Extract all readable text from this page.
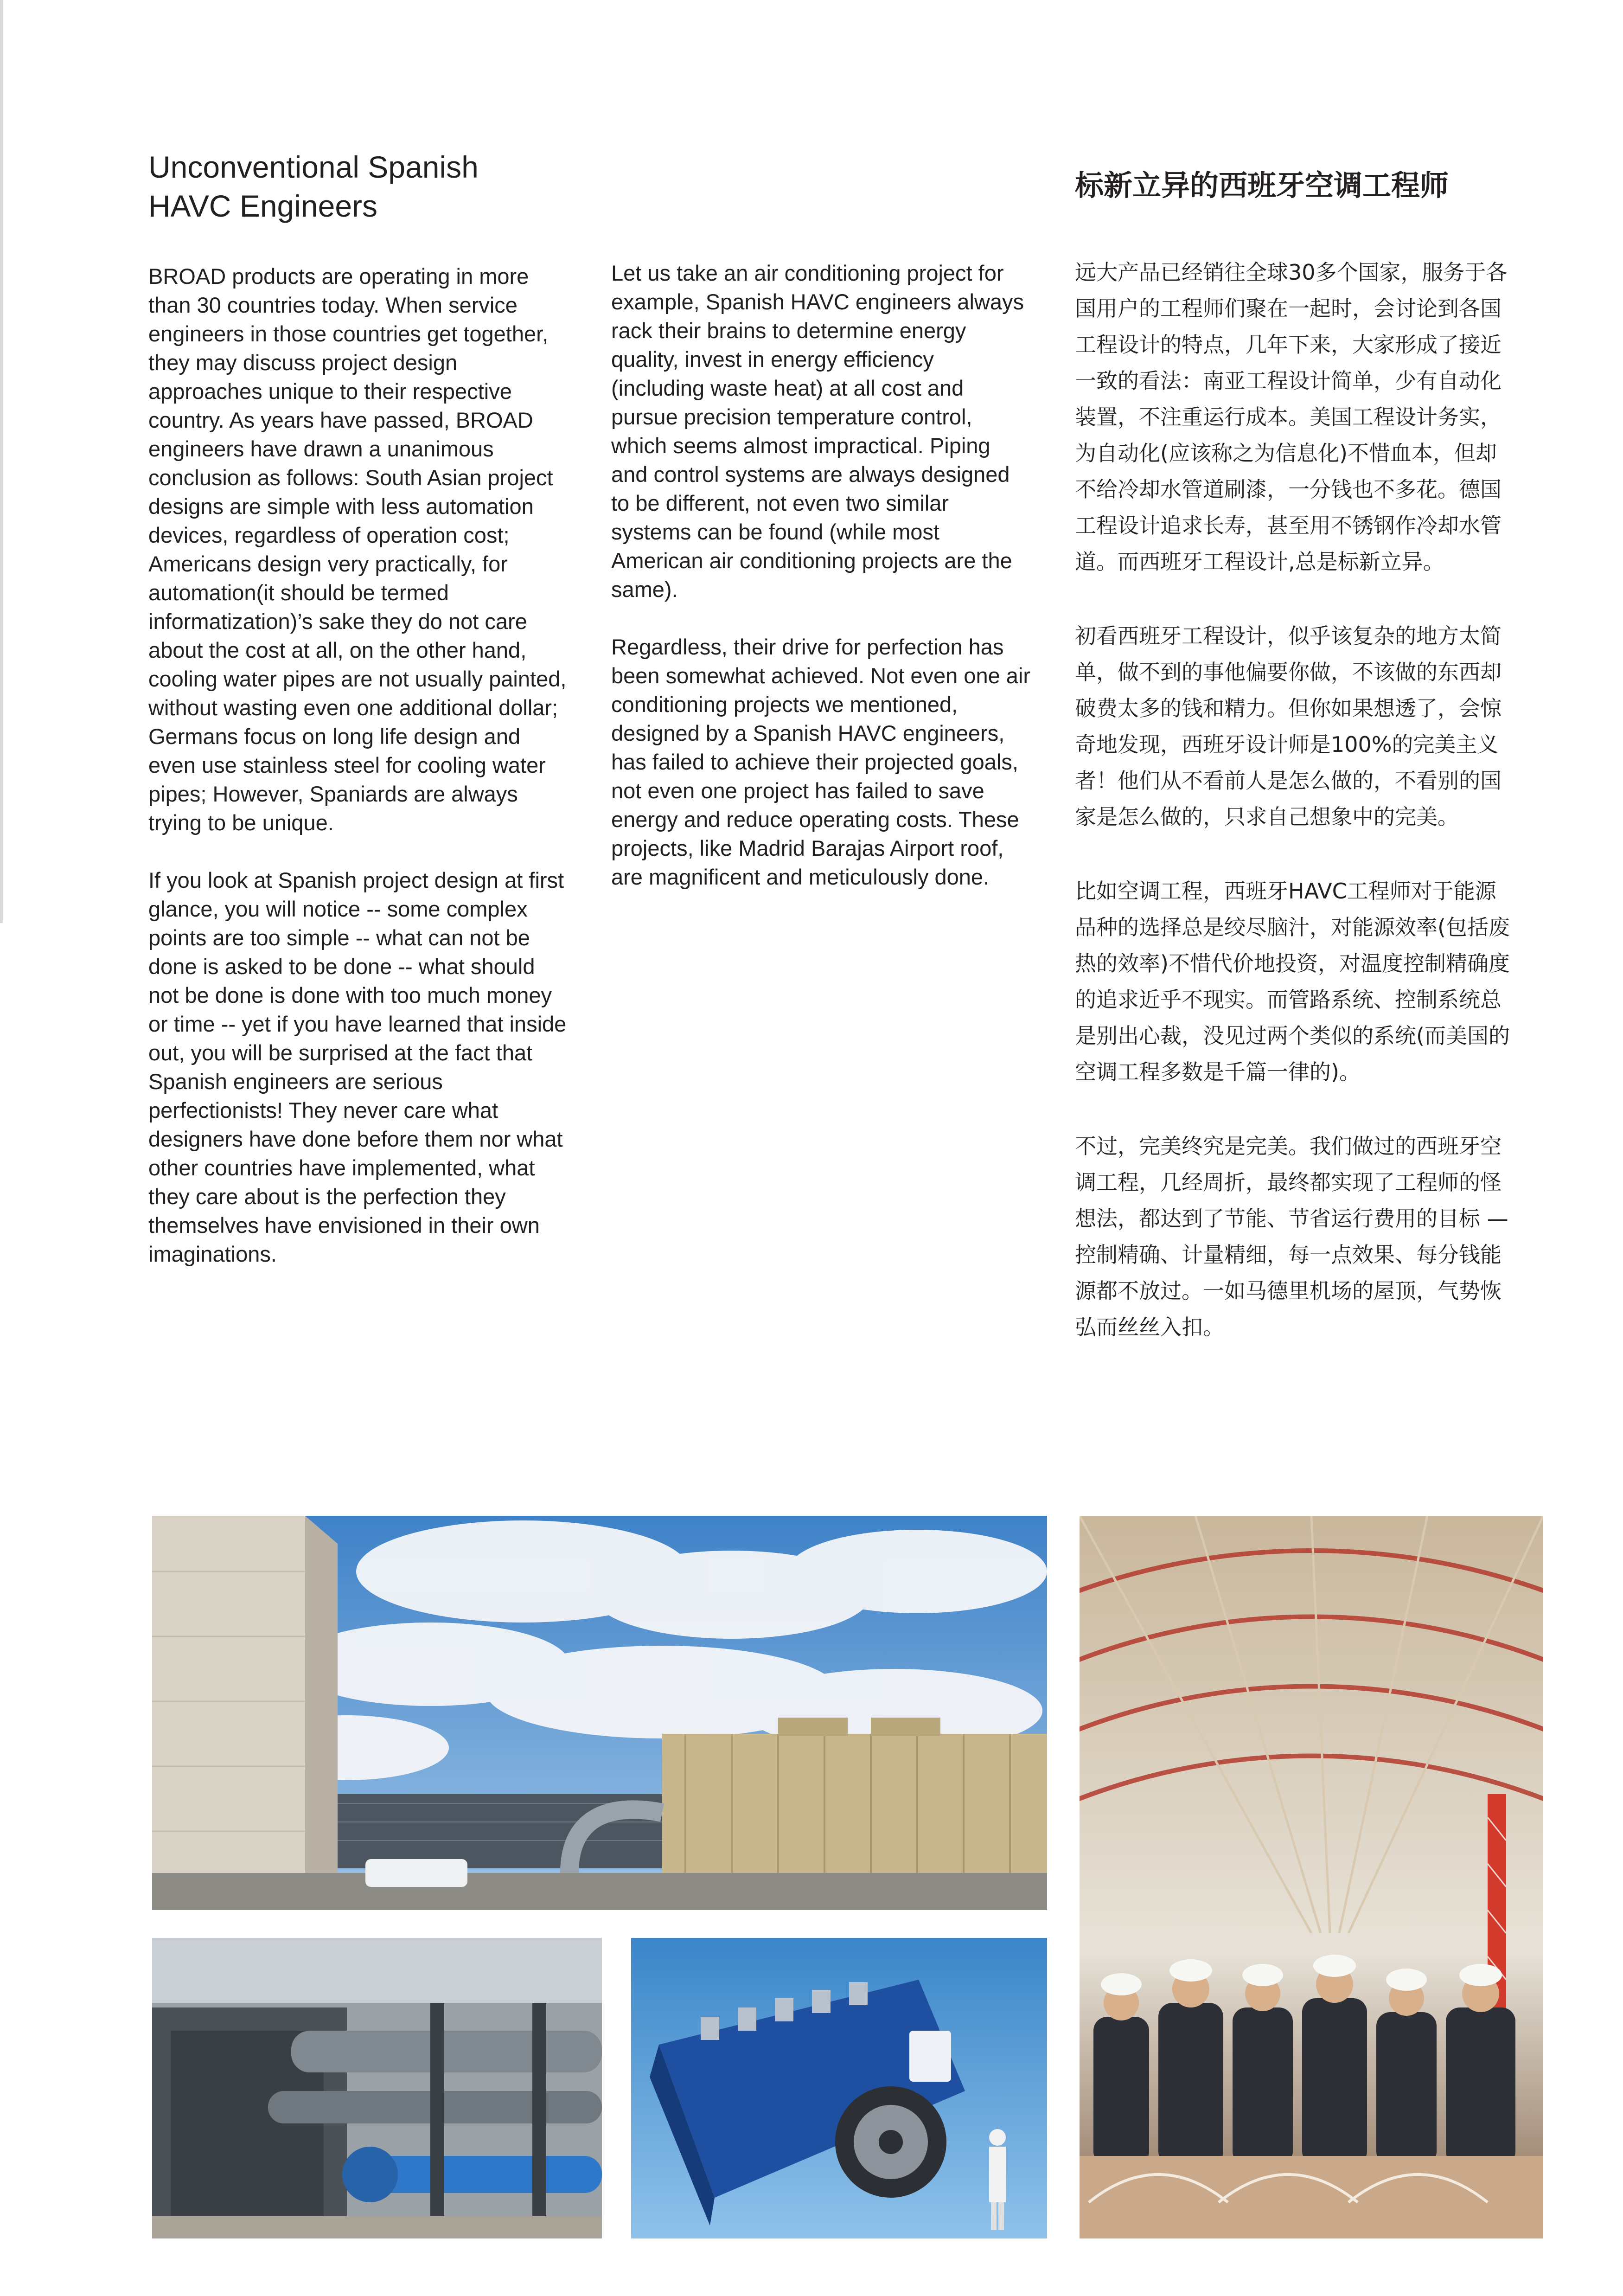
Unconventional Spanish HAVC Engineers
标新立异的西班牙空调工程师

BROAD products are operating in more than 30 countries today. When service engineers in those countries get together, they may discuss project design approaches unique to their respective country. As years have passed, BROAD engineers have drawn a unanimous conclusion as follows: South Asian project designs are simple with less automation devices, regardless of operation cost; Americans design very practically, for automation(it should be termed informatization)’s sake they do not care about the cost at all, on the other hand, cooling water pipes are not usually painted, without wasting even one additional dollar; Germans focus on long life design and even use stainless steel for cooling water pipes; However, Spaniards are always trying to be unique.

If you look at Spanish project design at first glance, you will notice -- some complex points are too simple -- what can not be done is asked to be done -- what should not be done is done with too much money or time -- yet if you have learned that inside out, you will be surprised at the fact that Spanish engineers are serious perfectionists! They never care what designers have done before them nor what other countries have implemented, what they care about is the perfection they themselves have envisioned in their own imaginations.

Let us take an air conditioning project for example, Spanish HAVC engineers always rack their brains to determine energy quality, invest in energy efficiency (including waste heat) at all cost and pursue precision temperature control, which seems almost impractical. Piping and control systems are always designed to be different, not even two similar systems can be found (while most American air conditioning projects are the same).

Regardless, their drive for perfection has been somewhat achieved. Not even one air conditioning projects we mentioned, designed by a Spanish HAVC engineers, has failed to achieve their projected goals, not even one project has failed to save energy and reduce operating costs. These projects, like Madrid Barajas Airport roof, are magnificent and meticulously done.

远大产品已经销往全球30多个国家，服务于各国用户的工程师们聚在一起时，会讨论到各国工程设计的特点，几年下来，大家形成了接近一致的看法：南亚工程设计简单，少有自动化装置，不注重运行成本。美国工程设计务实，为自动化(应该称之为信息化)不惜血本，但却不给冷却水管道刷漆，一分钱也不多花。德国工程设计追求长寿，甚至用不锈钢作冷却水管道。而西班牙工程设计,总是标新立异。

初看西班牙工程设计，似乎该复杂的地方太简单，做不到的事他偏要你做，不该做的东西却破费太多的钱和精力。但你如果想透了，会惊奇地发现，西班牙设计师是100%的完美主义者！他们从不看前人是怎么做的，不看别的国家是怎么做的，只求自己想象中的完美。

比如空调工程，西班牙HAVC工程师对于能源品种的选择总是绞尽脑汁，对能源效率(包括废热的效率)不惜代价地投资，对温度控制精确度的追求近乎不现实。而管路系统、控制系统总是别出心裁，没见过两个类似的系统(而美国的空调工程多数是千篇一律的)。

不过，完美终究是完美。我们做过的西班牙空调工程，几经周折，最终都实现了工程师的怪想法，都达到了节能、节省运行费用的目标 — 控制精确、计量精细，每一点效果、每分钱能源都不放过。一如马德里机场的屋顶，气势恢弘而丝丝入扣。
